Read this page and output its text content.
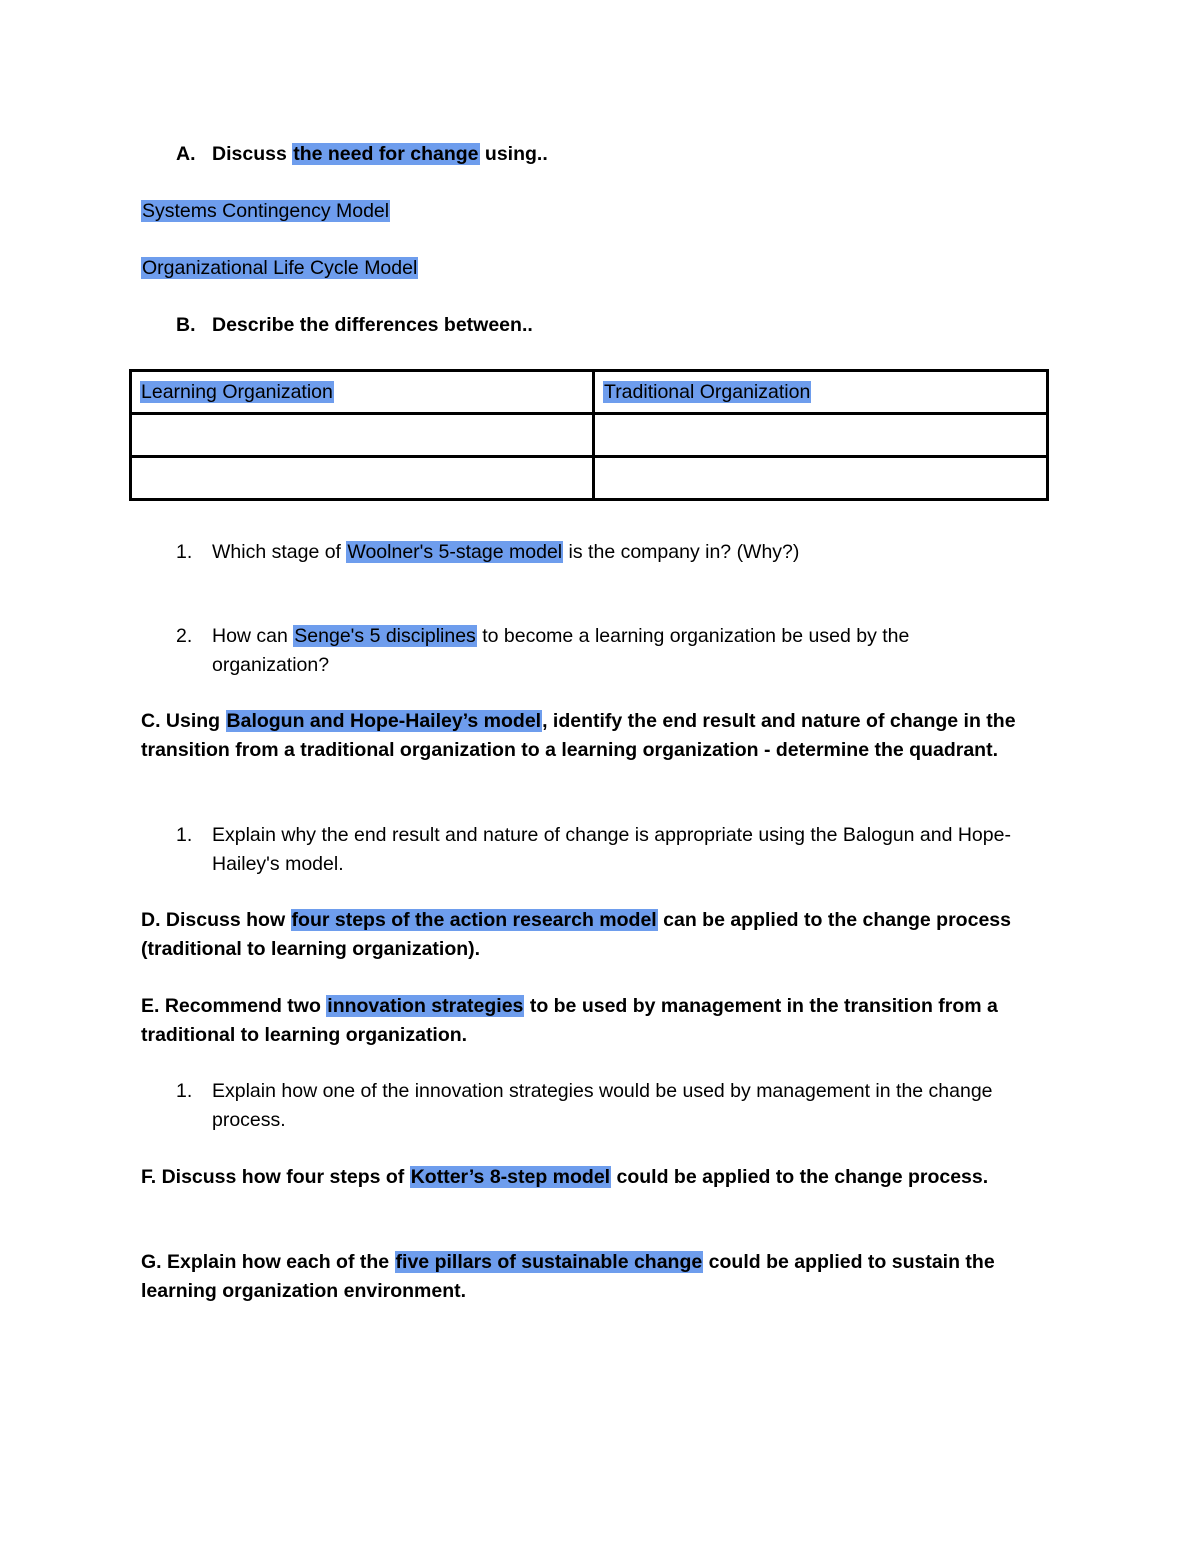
A. Discuss the need for change using..
Systems Contingency Model
Organizational Life Cycle Model
B. Describe the differences between..
Learning Organization	Traditional Organization

1. Which stage of Woolner's 5-stage model is the company in? (Why?)
2.	How can Senge's 5 disciplines to become a learning organization be used by the organization?
C. Using Balogun and Hope-Hailey’s model, identify the end result and nature of change in the transition from a traditional organization to a learning organization - determine the quadrant.
1.	Explain why the end result and nature of change is appropriate using the Balogun and Hope-Hailey's model.
D. Discuss how four steps of the action research model can be applied to the change process (traditional to learning organization).
E. Recommend two innovation strategies to be used by management in the transition from a traditional to learning organization.
1.	Explain how one of the innovation strategies would be used by management in the change process.
F. Discuss how four steps of Kotter’s 8-step model could be applied to the change process.
G. Explain how each of the five pillars of sustainable change could be applied to sustain the learning organization environment.
